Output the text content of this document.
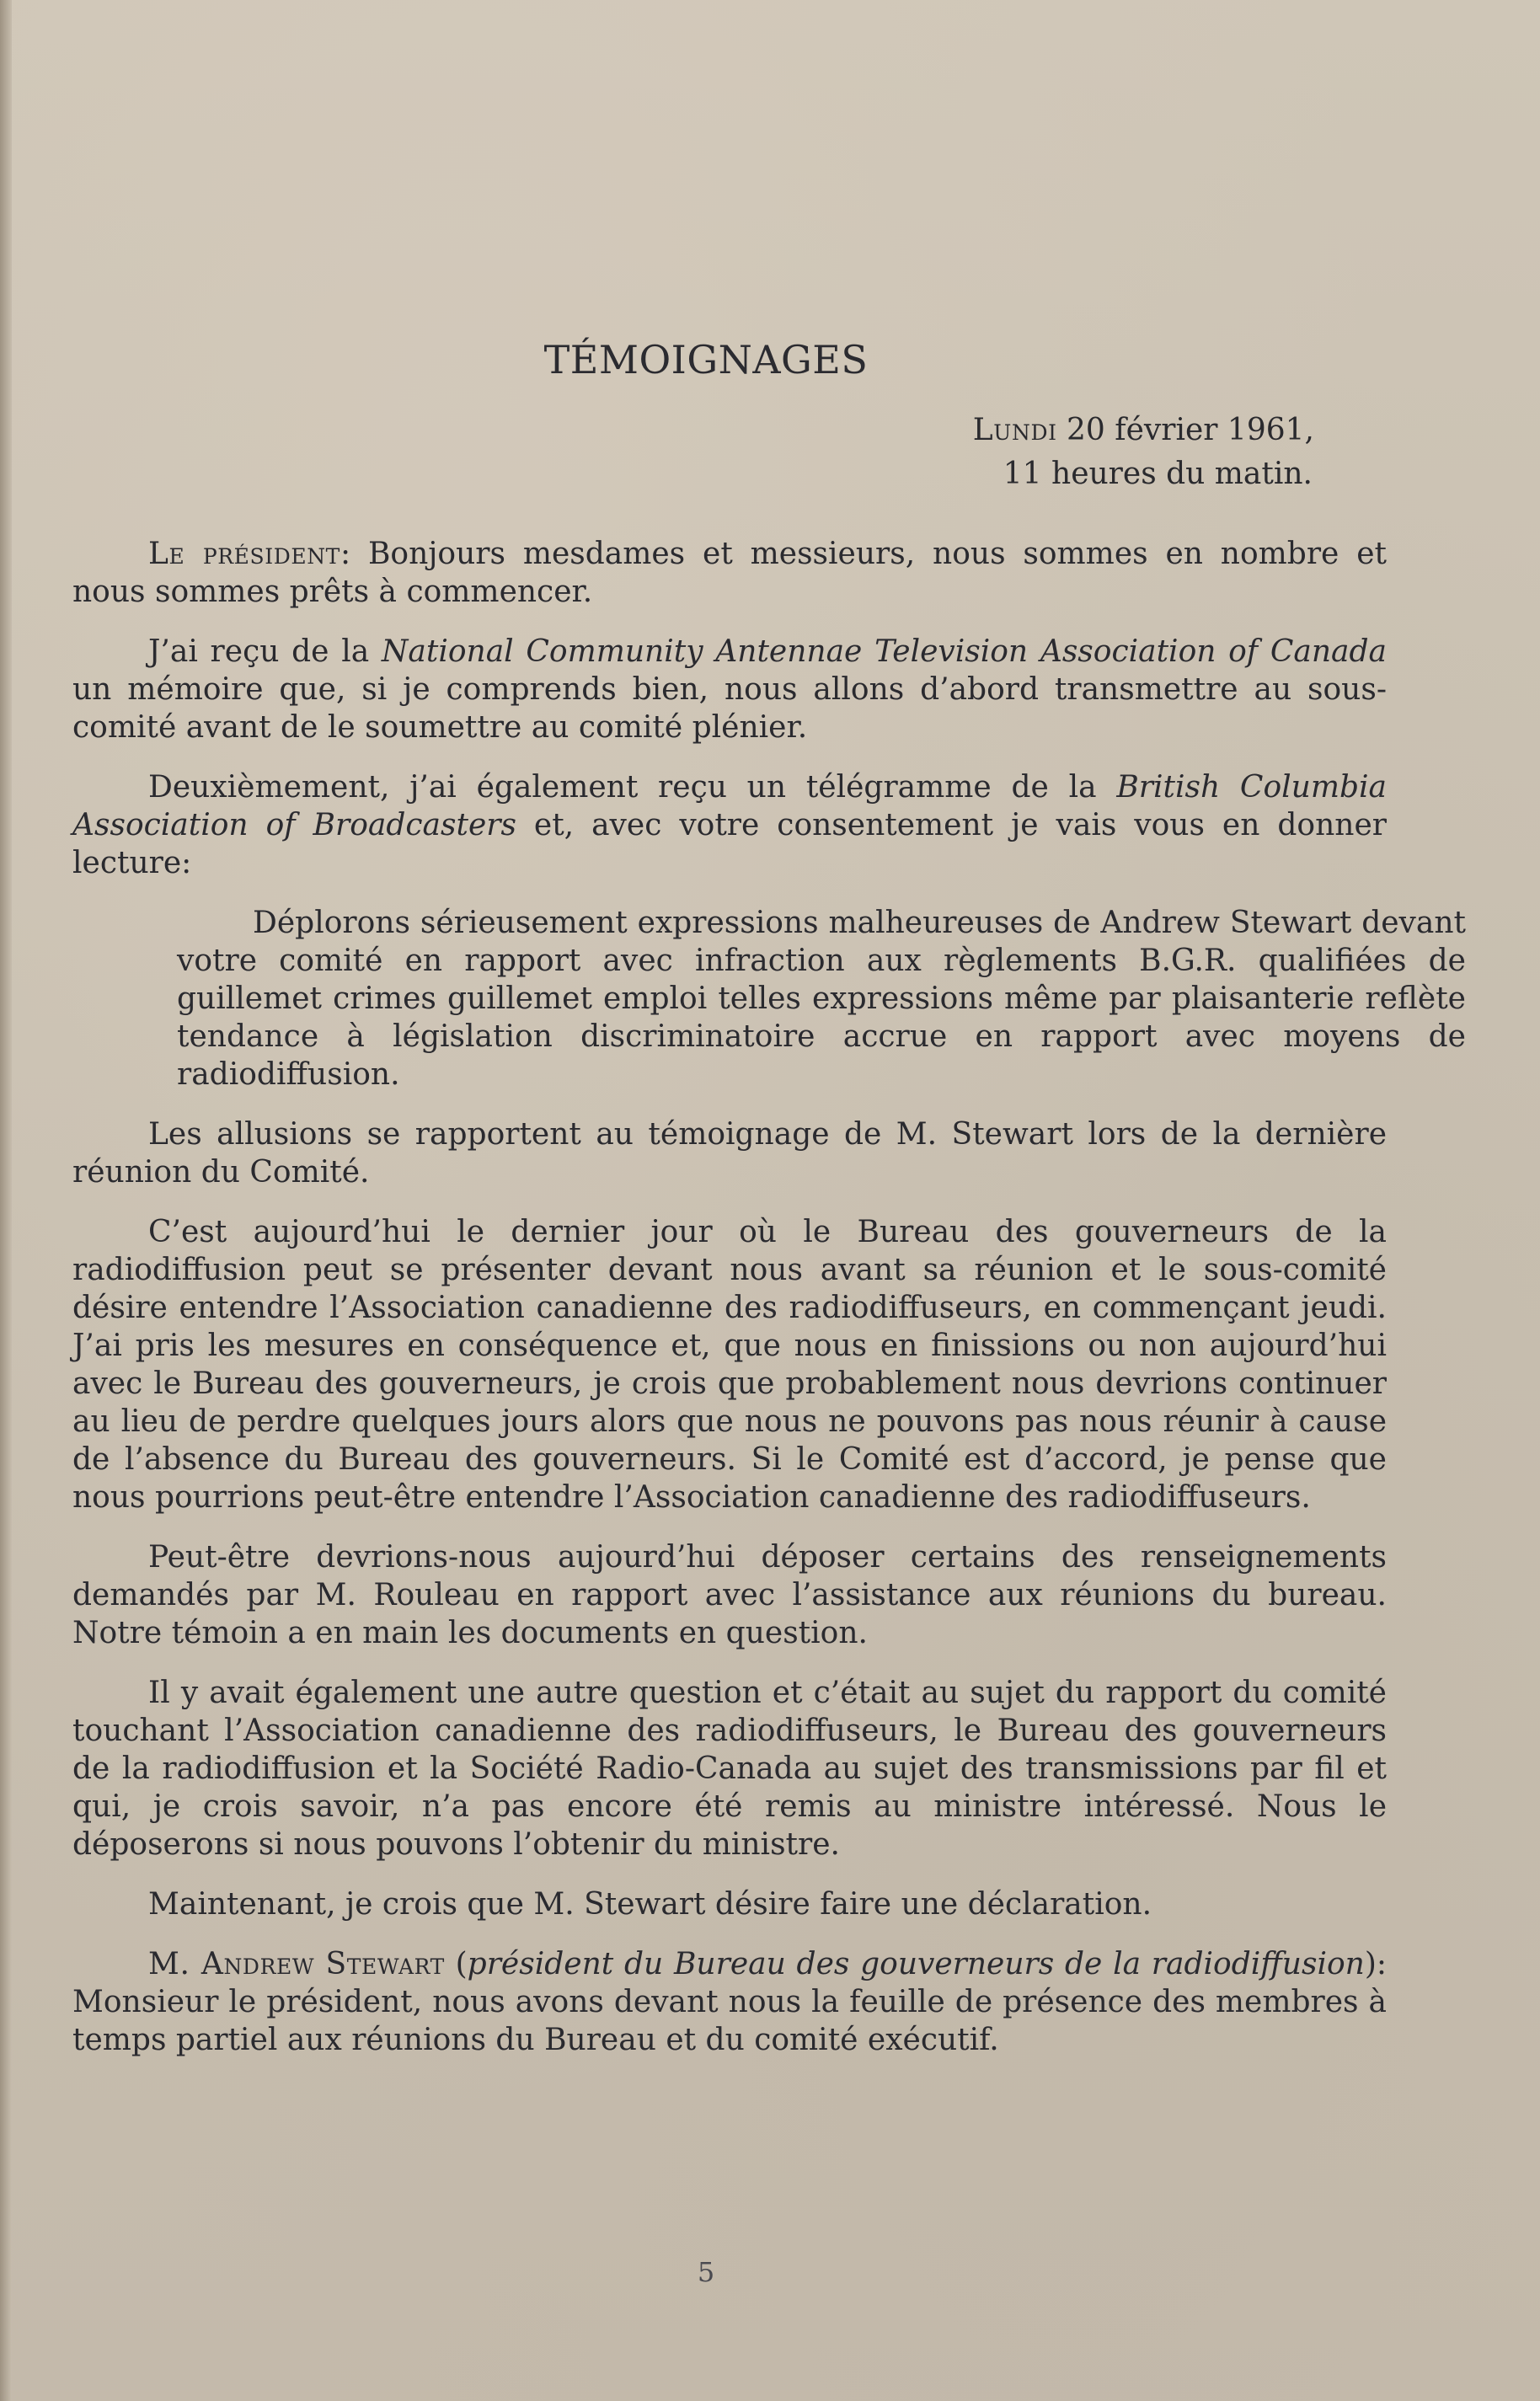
TÉMOIGNAGES
Lundi 20 février 1961,
11 heures du matin.

Le président: Bonjours mesdames et messieurs, nous sommes en nombre et nous sommes prêts à commencer.

J’ai reçu de la National Community Antennae Television Association of Canada un mémoire que, si je comprends bien, nous allons d’abord transmettre au sous-comité avant de le soumettre au comité plénier.

Deuxièmement, j’ai également reçu un télégramme de la British Columbia Association of Broadcasters et, avec votre consentement je vais vous en donner lecture:

Déplorons sérieusement expressions malheureuses de Andrew Stewart devant votre comité en rapport avec infraction aux règlements B.G.R. qualifiées de guillemet crimes guillemet emploi telles expressions même par plaisanterie reflète tendance à législation discriminatoire accrue en rapport avec moyens de radiodiffusion.

Les allusions se rapportent au témoignage de M. Stewart lors de la dernière réunion du Comité.

C’est aujourd’hui le dernier jour où le Bureau des gouverneurs de la radiodiffusion peut se présenter devant nous avant sa réunion et le sous-comité désire entendre l’Association canadienne des radiodiffuseurs, en commençant jeudi. J’ai pris les mesures en conséquence et, que nous en finissions ou non aujourd’hui avec le Bureau des gouverneurs, je crois que probablement nous devrions continuer au lieu de perdre quelques jours alors que nous ne pouvons pas nous réunir à cause de l’absence du Bureau des gouverneurs. Si le Comité est d’accord, je pense que nous pourrions peut-être entendre l’Association canadienne des radiodiffuseurs.

Peut-être devrions-nous aujourd’hui déposer certains des renseignements demandés par M. Rouleau en rapport avec l’assistance aux réunions du bureau. Notre témoin a en main les documents en question.

Il y avait également une autre question et c’était au sujet du rapport du comité touchant l’Association canadienne des radiodiffuseurs, le Bureau des gouverneurs de la radiodiffusion et la Société Radio-Canada au sujet des transmissions par fil et qui, je crois savoir, n’a pas encore été remis au ministre intéressé. Nous le déposerons si nous pouvons l’obtenir du ministre.

Maintenant, je crois que M. Stewart désire faire une déclaration.

M. Andrew Stewart (président du Bureau des gouverneurs de la radiodiffusion): Monsieur le président, nous avons devant nous la feuille de présence des membres à temps partiel aux réunions du Bureau et du comité exécutif.

5
